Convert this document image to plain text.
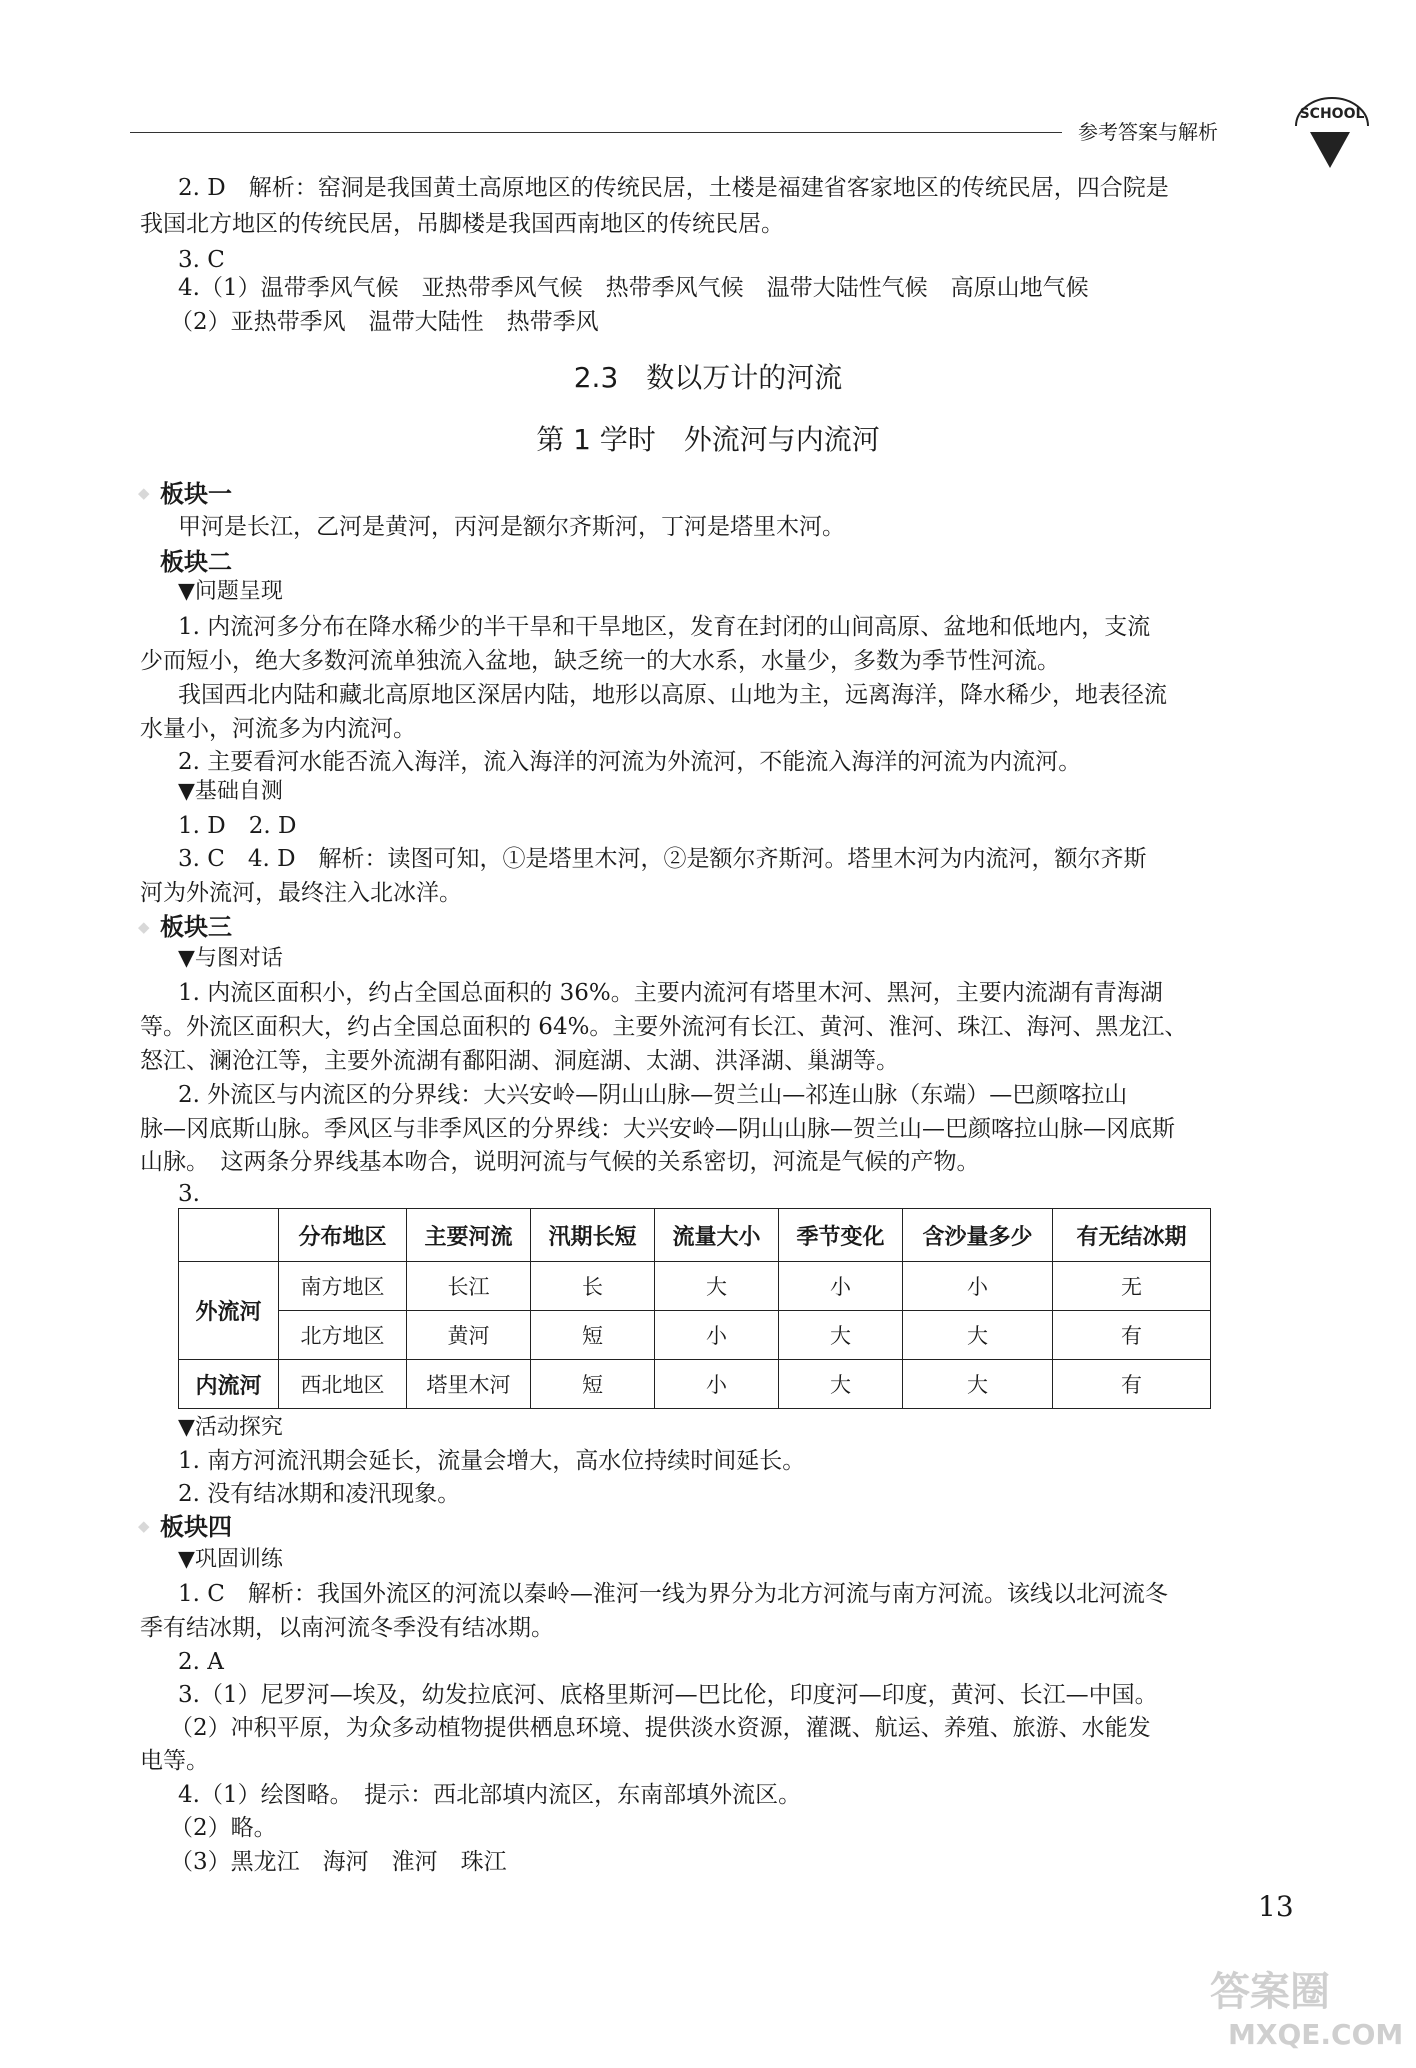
参考答案与解析
SCHOOL
2. D　解析：窑洞是我国黄土高原地区的传统民居，土楼是福建省客家地区的传统民居，四合院是
我国北方地区的传统民居，吊脚楼是我国西南地区的传统民居。
3. C
4.（1）温带季风气候　亚热带季风气候　热带季风气候　温带大陆性气候　高原山地气候
（2）亚热带季风　温带大陆性　热带季风
2.3　数以万计的河流
第 1 学时　外流河与内流河
◆ 板块一
甲河是长江，乙河是黄河，丙河是额尔齐斯河，丁河是塔里木河。
板块二
▼问题呈现
1. 内流河多分布在降水稀少的半干旱和干旱地区，发育在封闭的山间高原、盆地和低地内，支流
少而短小，绝大多数河流单独流入盆地，缺乏统一的大水系，水量少，多数为季节性河流。
我国西北内陆和藏北高原地区深居内陆，地形以高原、山地为主，远离海洋，降水稀少，地表径流
水量小，河流多为内流河。
2. 主要看河水能否流入海洋，流入海洋的河流为外流河，不能流入海洋的河流为内流河。
▼基础自测
1. D　2. D
3. C　4. D　解析：读图可知，①是塔里木河，②是额尔齐斯河。塔里木河为内流河，额尔齐斯
河为外流河，最终注入北冰洋。
◆ 板块三
▼与图对话
1. 内流区面积小，约占全国总面积的 36%。主要内流河有塔里木河、黑河，主要内流湖有青海湖
等。外流区面积大，约占全国总面积的 64%。主要外流河有长江、黄河、淮河、珠江、海河、黑龙江、
怒江、澜沧江等，主要外流湖有鄱阳湖、洞庭湖、太湖、洪泽湖、巢湖等。
2. 外流区与内流区的分界线：大兴安岭—阴山山脉—贺兰山—祁连山脉（东端）—巴颜喀拉山
脉—冈底斯山脉。季风区与非季风区的分界线：大兴安岭—阴山山脉—贺兰山—巴颜喀拉山脉—冈底斯
山脉。　这两条分界线基本吻合，说明河流与气候的关系密切，河流是气候的产物。
3.
	分布地区	主要河流	汛期长短	流量大小	季节变化	含沙量多少	有无结冰期
外流河	南方地区	长江	长	大	小	小	无
	北方地区	黄河	短	小	大	大	有
内流河	西北地区	塔里木河	短	小	大	大	有
▼活动探究
1. 南方河流汛期会延长，流量会增大，高水位持续时间延长。
2. 没有结冰期和凌汛现象。
◆ 板块四
▼巩固训练
1. C　解析：我国外流区的河流以秦岭—淮河一线为界分为北方河流与南方河流。该线以北河流冬
季有结冰期，以南河流冬季没有结冰期。
2. A
3.（1）尼罗河—埃及，幼发拉底河、底格里斯河—巴比伦，印度河—印度，黄河、长江—中国。
（2）冲积平原，为众多动植物提供栖息环境、提供淡水资源，灌溉、航运、养殖、旅游、水能发
电等。
4.（1）绘图略。　提示：西北部填内流区，东南部填外流区。
（2）略。
（3）黑龙江　海河　淮河　珠江
13
答案圈
MXQE.COM
